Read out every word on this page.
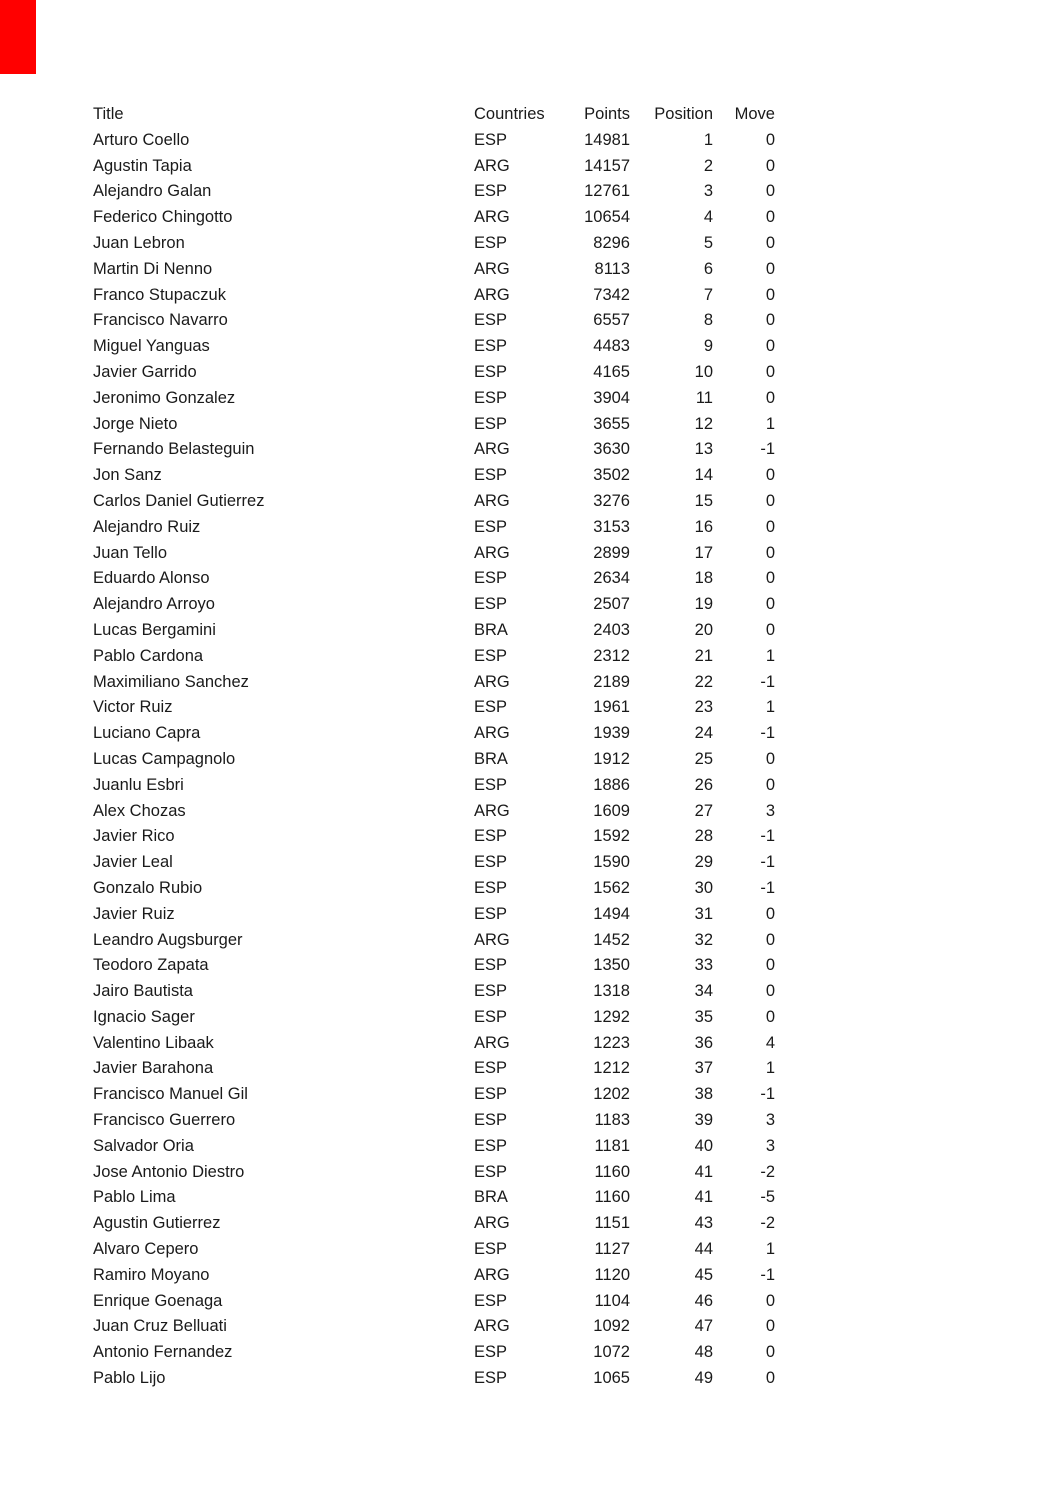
Title	Countries	Points	Position	Move
Arturo Coello	ESP	14981	1	0
Agustin Tapia	ARG	14157	2	0
Alejandro Galan	ESP	12761	3	0
Federico Chingotto	ARG	10654	4	0
Juan Lebron	ESP	8296	5	0
Martin Di Nenno	ARG	8113	6	0
Franco Stupaczuk	ARG	7342	7	0
Francisco Navarro	ESP	6557	8	0
Miguel Yanguas	ESP	4483	9	0
Javier Garrido	ESP	4165	10	0
Jeronimo Gonzalez	ESP	3904	11	0
Jorge Nieto	ESP	3655	12	1
Fernando Belasteguin	ARG	3630	13	-1
Jon Sanz	ESP	3502	14	0
Carlos Daniel Gutierrez	ARG	3276	15	0
Alejandro Ruiz	ESP	3153	16	0
Juan Tello	ARG	2899	17	0
Eduardo Alonso	ESP	2634	18	0
Alejandro Arroyo	ESP	2507	19	0
Lucas Bergamini	BRA	2403	20	0
Pablo Cardona	ESP	2312	21	1
Maximiliano Sanchez	ARG	2189	22	-1
Victor Ruiz	ESP	1961	23	1
Luciano Capra	ARG	1939	24	-1
Lucas Campagnolo	BRA	1912	25	0
Juanlu Esbri	ESP	1886	26	0
Alex Chozas	ARG	1609	27	3
Javier Rico	ESP	1592	28	-1
Javier Leal	ESP	1590	29	-1
Gonzalo Rubio	ESP	1562	30	-1
Javier Ruiz	ESP	1494	31	0
Leandro Augsburger	ARG	1452	32	0
Teodoro Zapata	ESP	1350	33	0
Jairo Bautista	ESP	1318	34	0
Ignacio Sager	ESP	1292	35	0
Valentino Libaak	ARG	1223	36	4
Javier Barahona	ESP	1212	37	1
Francisco Manuel Gil	ESP	1202	38	-1
Francisco Guerrero	ESP	1183	39	3
Salvador Oria	ESP	1181	40	3
Jose Antonio Diestro	ESP	1160	41	-2
Pablo Lima	BRA	1160	41	-5
Agustin Gutierrez	ARG	1151	43	-2
Alvaro Cepero	ESP	1127	44	1
Ramiro Moyano	ARG	1120	45	-1
Enrique Goenaga	ESP	1104	46	0
Juan Cruz Belluati	ARG	1092	47	0
Antonio Fernandez	ESP	1072	48	0
Pablo Lijo	ESP	1065	49	0
